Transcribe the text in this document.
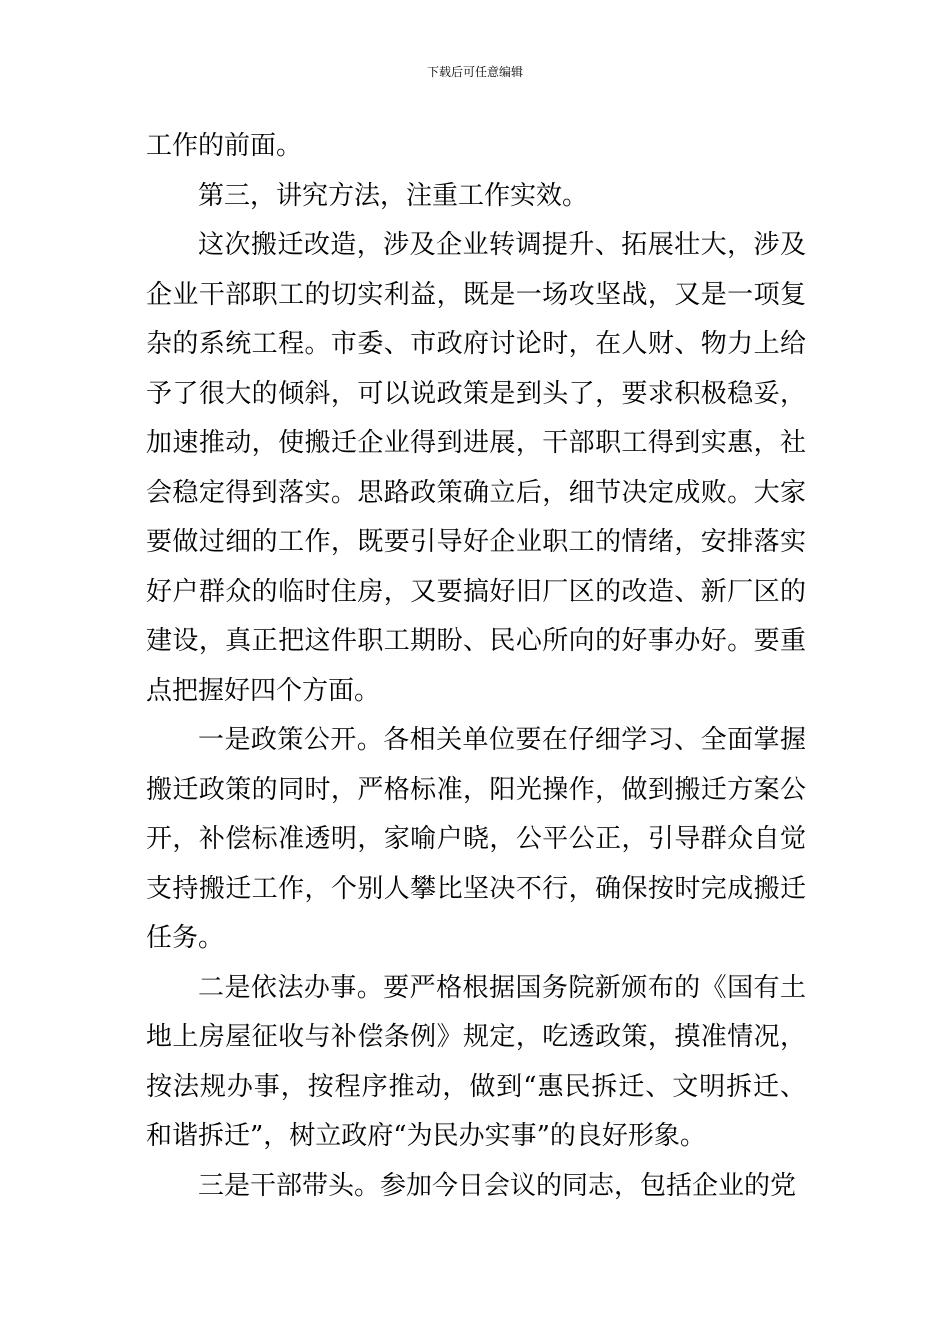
下载后可任意编辑

工作的前面。

第三，讲究方法，注重工作实效。

这次搬迁改造，涉及企业转调提升、拓展壮大，涉及企业干部职工的切实利益，既是一场攻坚战，又是一项复杂的系统工程。市委、市政府讨论时，在人财、物力上给予了很大的倾斜，可以说政策是到头了，要求积极稳妥，加速推动，使搬迁企业得到进展，干部职工得到实惠，社会稳定得到落实。思路政策确立后，细节决定成败。大家要做过细的工作，既要引导好企业职工的情绪，安排落实好户群众的临时住房，又要搞好旧厂区的改造、新厂区的建设，真正把这件职工期盼、民心所向的好事办好。要重点把握好四个方面。

一是政策公开。各相关单位要在仔细学习、全面掌握搬迁政策的同时，严格标准，阳光操作，做到搬迁方案公开，补偿标准透明，家喻户晓，公平公正，引导群众自觉支持搬迁工作，个别人攀比坚决不行，确保按时完成搬迁任务。

二是依法办事。要严格根据国务院新颁布的《国有土地上房屋征收与补偿条例》规定，吃透政策，摸准情况，按法规办事，按程序推动，做到“惠民拆迁、文明拆迁、和谐拆迁”，树立政府“为民办实事”的良好形象。

三是干部带头。参加今日会议的同志，包括企业的党
